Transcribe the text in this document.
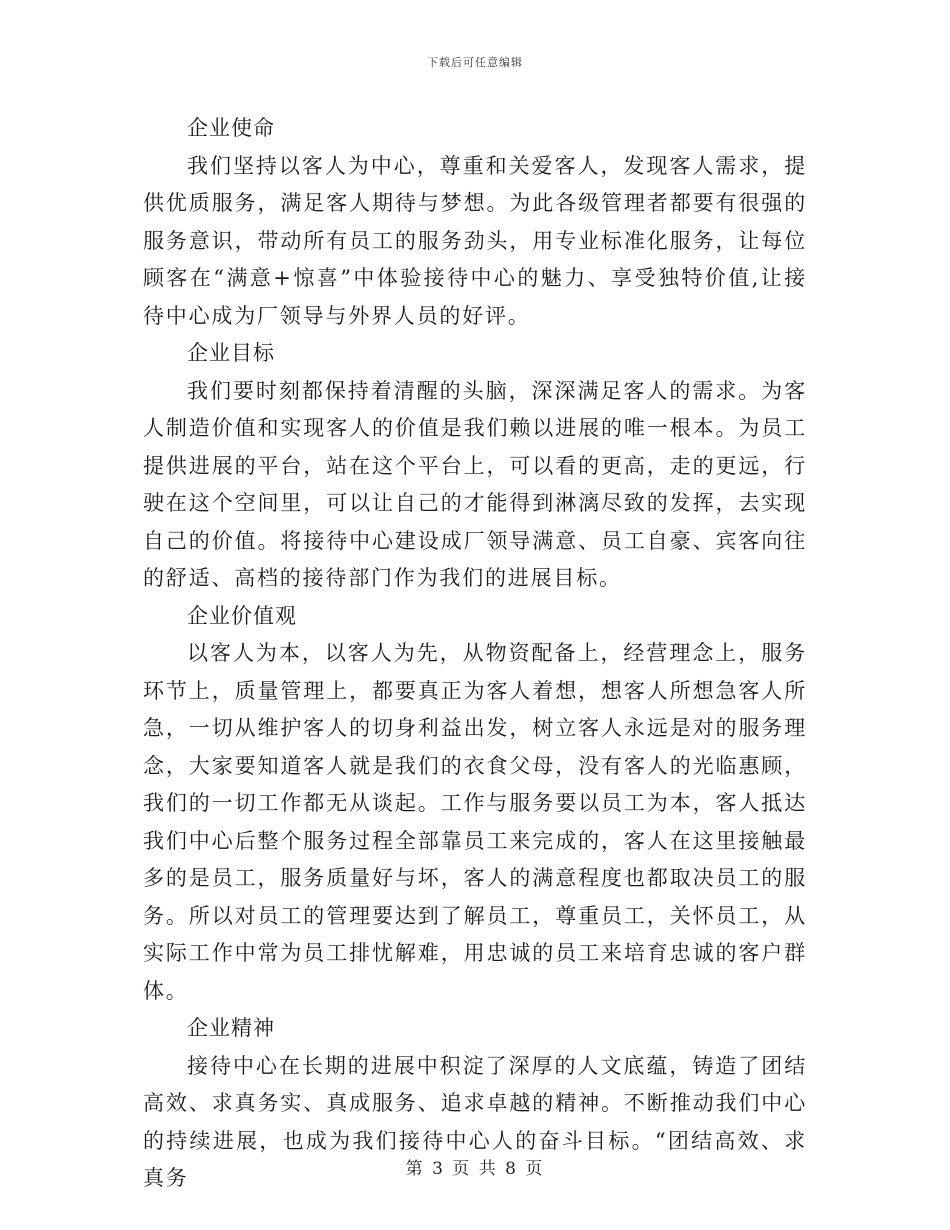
下载后可任意编辑
企业使命

我们坚持以客人为中心，尊重和关爱客人，发现客人需求，提供优质服务，满足客人期待与梦想。为此各级管理者都要有很强的服务意识，带动所有员工的服务劲头，用专业标准化服务，让每位顾客在“满意+惊喜”中体验接待中心的魅力、享受独特价值,让接待中心成为厂领导与外界人员的好评。

企业目标

我们要时刻都保持着清醒的头脑，深深满足客人的需求。为客人制造价值和实现客人的价值是我们赖以进展的唯一根本。为员工提供进展的平台，站在这个平台上，可以看的更高，走的更远，行驶在这个空间里，可以让自己的才能得到淋漓尽致的发挥，去实现自己的价值。将接待中心建设成厂领导满意、员工自豪、宾客向往的舒适、高档的接待部门作为我们的进展目标。

企业价值观

以客人为本，以客人为先，从物资配备上，经营理念上，服务环节上，质量管理上，都要真正为客人着想，想客人所想急客人所急，一切从维护客人的切身利益出发，树立客人永远是对的服务理念，大家要知道客人就是我们的衣食父母，没有客人的光临惠顾，我们的一切工作都无从谈起。工作与服务要以员工为本，客人抵达我们中心后整个服务过程全部靠员工来完成的，客人在这里接触最多的是员工，服务质量好与坏，客人的满意程度也都取决员工的服务。所以对员工的管理要达到了解员工，尊重员工，关怀员工，从实际工作中常为员工排忧解难，用忠诚的员工来培育忠诚的客户群体。

企业精神

接待中心在长期的进展中积淀了深厚的人文底蕴，铸造了团结高效、求真务实、真成服务、追求卓越的精神。不断推动我们中心的持续进展，也成为我们接待中心人的奋斗目标。“团结高效、求真务	第 3 页 共 8 页
